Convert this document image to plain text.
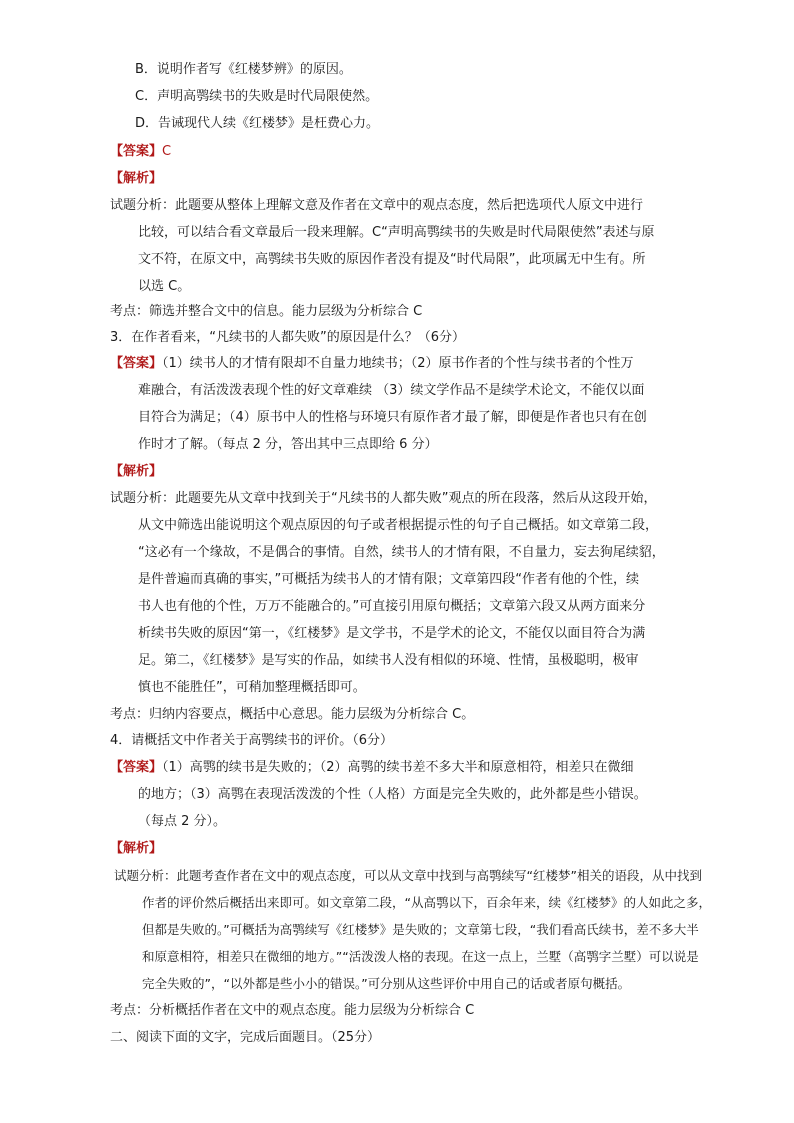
B．说明作者写《红楼梦辨》的原因。
C．声明高鹗续书的失败是时代局限使然。
D．告诫现代人续《红楼梦》是枉费心力。
【答案】C
【解析】
试题分析：此题要从整体上理解文意及作者在文章中的观点态度，然后把选项代人原文中进行
比较，可以结合看文章最后一段来理解。C“声明高鹗续书的失败是时代局限使然”表述与原
文不符，在原文中，高鹗续书失败的原因作者没有提及“时代局限”，此项属无中生有。所
以选 C。
考点：筛选并整合文中的信息。能力层级为分析综合 C
3．在作者看来，“凡续书的人都失败”的原因是什么？（6分）
【答案】（1）续书人的才情有限却不自量力地续书；（2）原书作者的个性与续书者的个性万
难融合，有活泼泼表现个性的好文章难续 （3）续文学作品不是续学术论文，不能仅以面
目符合为满足；（4）原书中人的性格与环境只有原作者才最了解，即便是作者也只有在创
作时才了解。（每点 2 分，答出其中三点即给 6 分）
【解析】
试题分析：此题要先从文章中找到关于“凡续书的人都失败”观点的所在段落，然后从这段开始，
从文中筛选出能说明这个观点原因的句子或者根据提示性的句子自己概括。如文章第二段，
“这必有一个缘故，不是偶合的事情。自然，续书人的才情有限，不自量力，妄去狗尾续貂，
是件普遍而真确的事实，”可概括为续书人的才情有限；文章第四段“作者有他的个性，续
书人也有他的个性，万万不能融合的。”可直接引用原句概括；文章第六段又从两方面来分
析续书失败的原因“第一，《红楼梦》是文学书，不是学术的论文，不能仅以面目符合为满
足。第二，《红楼梦》是写实的作品，如续书人没有相似的环境、性情，虽极聪明，极审
慎也不能胜任”，可稍加整理概括即可。
考点：归纳内容要点，概括中心意思。能力层级为分析综合 C。
4．请概括文中作者关于高鹗续书的评价。（6分）
【答案】（1）高鹗的续书是失败的；（2）高鹗的续书差不多大半和原意相符，相差只在微细
的地方；（3）高鹗在表现活泼泼的个性（人格）方面是完全失败的，此外都是些小错误。
（每点 2 分）。
【解析】
试题分析：此题考查作者在文中的观点态度，可以从文章中找到与高鹗续写“红楼梦”相关的语段，从中找到
作者的评价然后概括出来即可。如文章第二段，“从高鹗以下，百余年来，续《红楼梦》的人如此之多，
但都是失败的。”可概括为高鹗续写《红楼梦》是失败的；文章第七段，“我们看高氏续书，差不多大半
和原意相符，相差只在微细的地方。”“活泼泼人格的表现。在这一点上，兰墅（高鹗字兰墅）可以说是
完全失败的”，“以外都是些小小的错误。”可分别从这些评价中用自己的话或者原句概括。
考点：分析概括作者在文中的观点态度。能力层级为分析综合 C
二、阅读下面的文字，完成后面题目。（25分）
